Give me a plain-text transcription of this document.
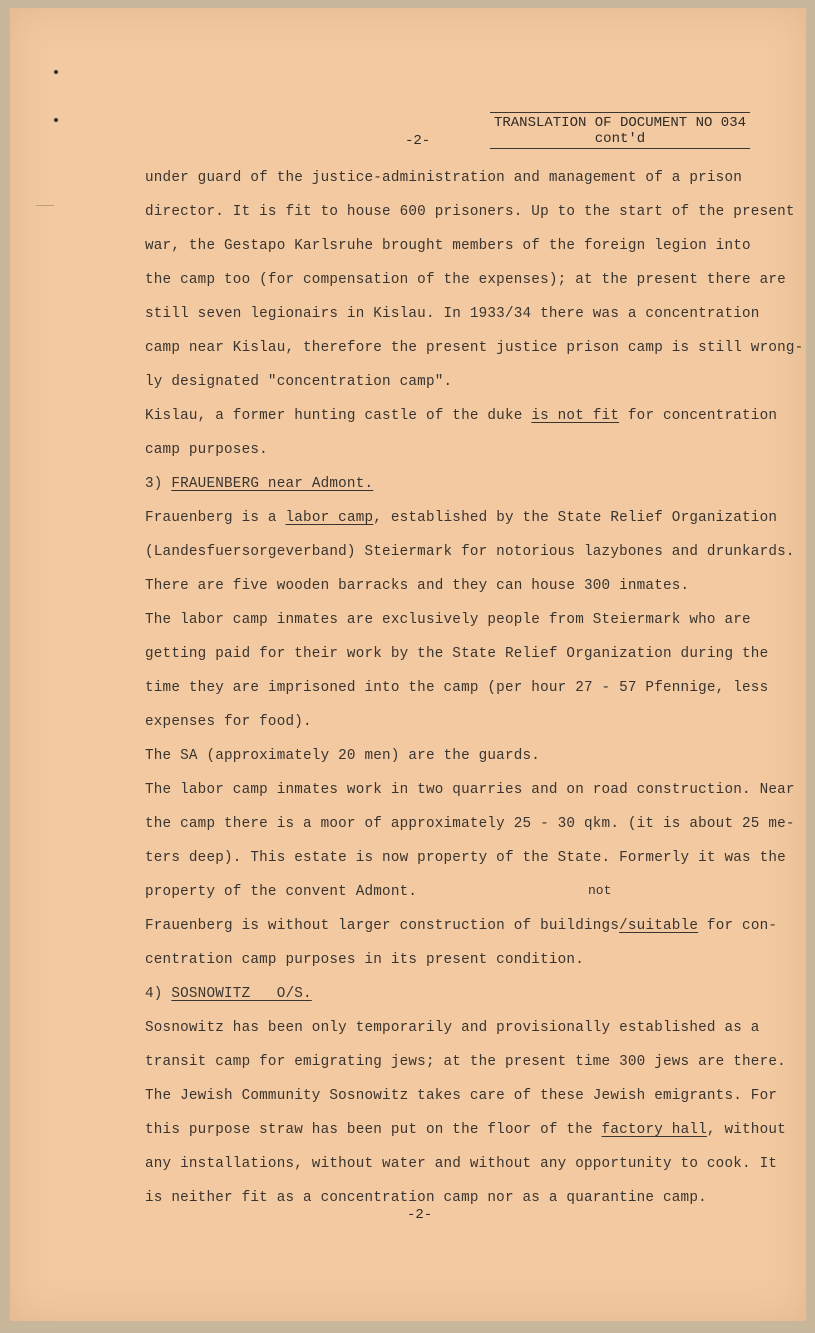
TRANSLATION OF DOCUMENT NO 034
cont'd
-2-
not
under guard of the justice-administration and management of a prison
director. It is fit to house 600 prisoners. Up to the start of the present
war, the Gestapo Karlsruhe brought members of the foreign legion into
the camp too (for compensation of the expenses); at the present there are
still seven legionairs in Kislau. In 1933/34 there was a concentration
camp near Kislau, therefore the present justice prison camp is still wrong-
ly designated "concentration camp".
Kislau, a former hunting castle of the duke is not fit for concentration
camp purposes.
3) FRAUENBERG near Admont.
Frauenberg is a labor camp, established by the State Relief Organization
(Landesfuersorgeverband) Steiermark for notorious lazybones and drunkards.
There are five wooden barracks and they can house 300 inmates.
The labor camp inmates are exclusively people from Steiermark who are
getting paid for their work by the State Relief Organization during the
time they are imprisoned into the camp (per hour 27 - 57 Pfennige, less
expenses for food).
The SA (approximately 20 men) are the guards.
The labor camp inmates work in two quarries and on road construction. Near
the camp there is a moor of approximately 25 - 30 qkm. (it is about 25 me-
ters deep). This estate is now property of the State. Formerly it was the
property of the convent Admont.
Frauenberg is without larger construction of buildings/suitable for con-
centration camp purposes in its present condition.
4) SOSNOWITZ   O/S.
Sosnowitz has been only temporarily and provisionally established as a
transit camp for emigrating jews; at the present time 300 jews are there.
The Jewish Community Sosnowitz takes care of these Jewish emigrants. For
this purpose straw has been put on the floor of the factory hall, without
any installations, without water and without any opportunity to cook. It
is neither fit as a concentration camp nor as a quarantine camp.
-2-
